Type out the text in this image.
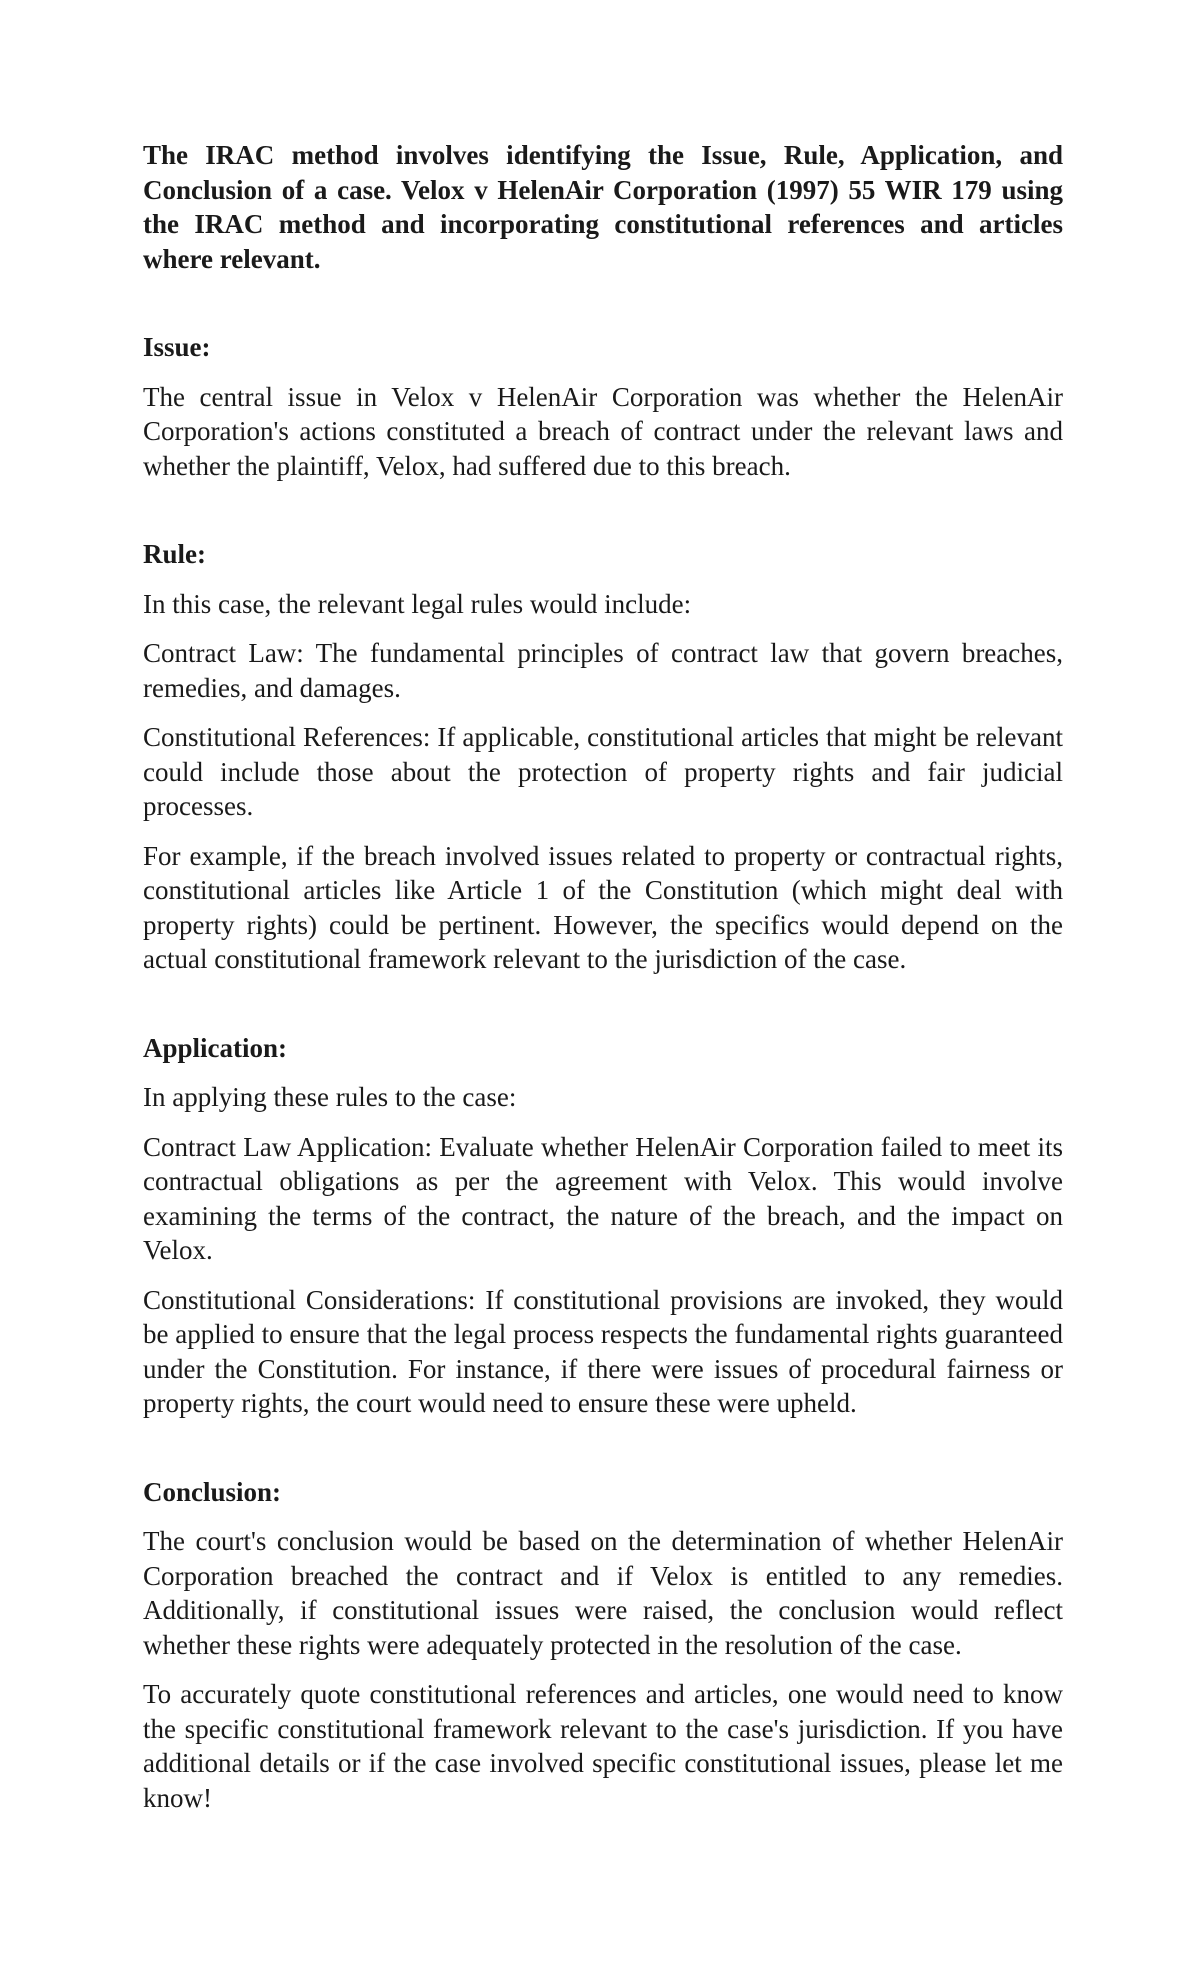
The IRAC method involves identifying the Issue, Rule, Application, and Conclusion of a case. Velox v HelenAir Corporation (1997) 55 WIR 179 using the IRAC method and incorporating constitutional references and articles where relevant.

Issue:

The central issue in Velox v HelenAir Corporation was whether the HelenAir Corporation's actions constituted a breach of contract under the relevant laws and whether the plaintiff, Velox, had suffered due to this breach.

Rule:

In this case, the relevant legal rules would include:

Contract Law: The fundamental principles of contract law that govern breaches, remedies, and damages.

Constitutional References: If applicable, constitutional articles that might be relevant could include those about the protection of property rights and fair judicial processes.

For example, if the breach involved issues related to property or contractual rights, constitutional articles like Article 1 of the Constitution (which might deal with property rights) could be pertinent. However, the specifics would depend on the actual constitutional framework relevant to the jurisdiction of the case.

Application:

In applying these rules to the case:

Contract Law Application: Evaluate whether HelenAir Corporation failed to meet its contractual obligations as per the agreement with Velox. This would involve examining the terms of the contract, the nature of the breach, and the impact on Velox.

Constitutional Considerations: If constitutional provisions are invoked, they would be applied to ensure that the legal process respects the fundamental rights guaranteed under the Constitution. For instance, if there were issues of procedural fairness or property rights, the court would need to ensure these were upheld.

Conclusion:

The court's conclusion would be based on the determination of whether HelenAir Corporation breached the contract and if Velox is entitled to any remedies. Additionally, if constitutional issues were raised, the conclusion would reflect whether these rights were adequately protected in the resolution of the case.

To accurately quote constitutional references and articles, one would need to know the specific constitutional framework relevant to the case's jurisdiction. If you have additional details or if the case involved specific constitutional issues, please let me know!
